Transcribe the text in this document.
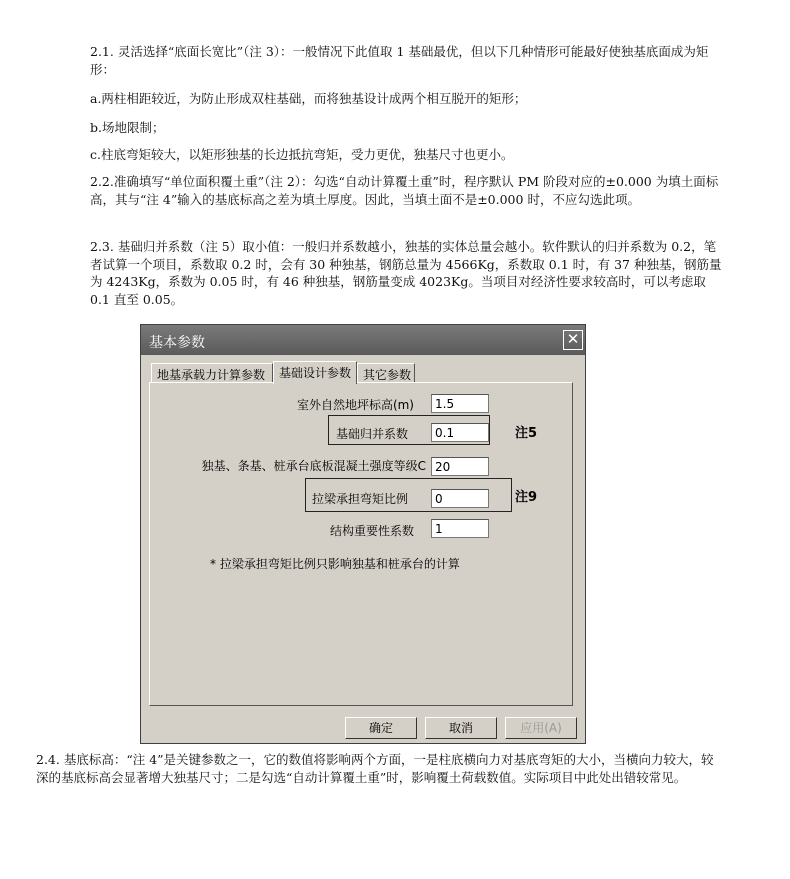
2.1. 灵活选择“底面长宽比”（注 3）：一般情况下此值取 1 基础最优，但以下几种情形可能最好使独基底面成为矩形：

a.两柱相距较近，为防止形成双柱基础，而将独基设计成两个相互脱开的矩形；

b.场地限制；

c.柱底弯矩较大，以矩形独基的长边抵抗弯矩，受力更优，独基尺寸也更小。

2.2.准确填写“单位面积覆土重”（注 2）：勾选“自动计算覆土重”时，程序默认 PM 阶段对应的±0.000 为填土面标高，其与“注 4”输入的基底标高之差为填土厚度。因此，当填土面不是±0.000 时，不应勾选此项。

2.3. 基础归并系数（注 5）取小值：一般归并系数越小，独基的实体总量会越小。软件默认的归并系数为 0.2，笔者试算一个项目，系数取 0.2 时，会有 30 种独基，钢筋总量为 4566Kg，系数取 0.1 时，有 37 种独基，钢筋量为 4243Kg，系数为 0.05 时，有 46 种独基，钢筋量变成 4023Kg。当项目对经济性要求较高时，可以考虑取 0.1 直至 0.05。

基本参数	✕
地基承载力计算参数	基础设计参数 其它参数
室外自然地坪标高(m)	1.5
基础归并系数	0.1	注5
独基、条基、桩承台底板混凝土强度等级C 20
拉梁承担弯矩比例	0	注9
结构重要性系数	1
* 拉梁承担弯矩比例只影响独基和桩承台的计算
确定	取消	应用(A)

2.4. 基底标高：“注 4”是关键参数之一，它的数值将影响两个方面，一是柱底横向力对基底弯矩的大小，当横向力较大，较深的基底标高会显著增大独基尺寸；二是勾选“自动计算覆土重”时，影响覆土荷载数值。实际项目中此处出错较常见。
